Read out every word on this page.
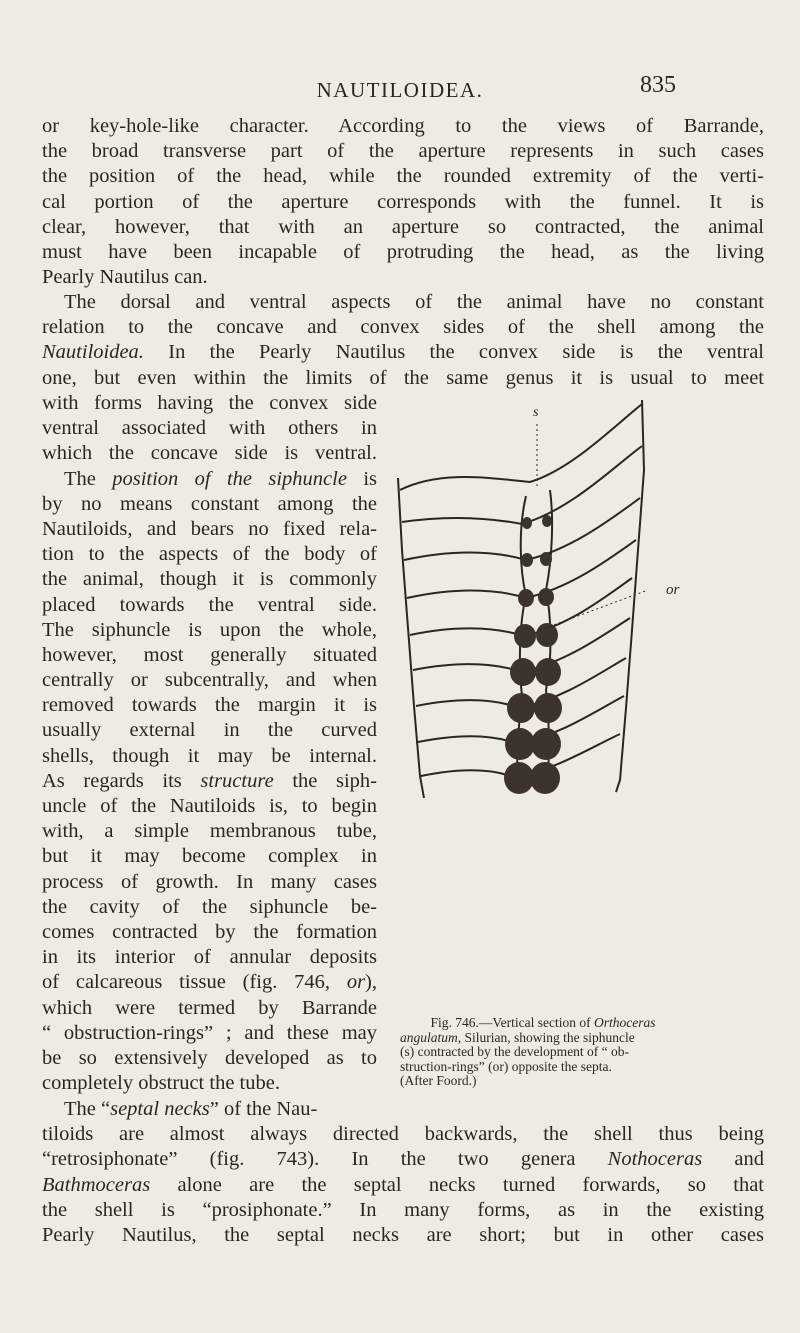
NAUTILOIDEA.	835
or key-hole-like character. According to the views of Barrande,
the broad transverse part of the aperture represents in such cases
the position of the head, while the rounded extremity of the verti-
cal portion of the aperture corresponds with the funnel. It is
clear, however, that with an aperture so contracted, the animal
must have been incapable of protruding the head, as the living
Pearly Nautilus can.
The dorsal and ventral aspects of the animal have no constant
relation to the concave and convex sides of the shell among the
Nautiloidea. In the Pearly Nautilus the convex side is the ventral
one, but even within the limits of the same genus it is usual to meet
with forms having the convex side
ventral associated with others in
which the concave side is ventral.
The position of the siphuncle is
by no means constant among the
Nautiloids, and bears no fixed rela-
tion to the aspects of the body of
the animal, though it is commonly
placed towards the ventral side.
The siphuncle is upon the whole,
however, most generally situated
centrally or subcentrally, and when
removed towards the margin it is
usually external in the curved
shells, though it may be internal.
As regards its structure the siph-
uncle of the Nautiloids is, to begin
with, a simple membranous tube,
but it may become complex in
process of growth. In many cases
the cavity of the siphuncle be-
comes contracted by the formation
in its interior of annular deposits
of calcareous tissue (fig. 746, or),
which were termed by Barrande
“ obstruction-rings” ; and these may
be so extensively developed as to
completely obstruct the tube.
The “septal necks” of the Nau-
tiloids are almost always directed backwards, the shell thus being
“retrosiphonate” (fig. 743). In the two genera Nothoceras and
Bathmoceras alone are the septal necks turned forwards, so that
the shell is “prosiphonate.” In many forms, as in the existing
Pearly Nautilus, the septal necks are short; but in other cases
s
or
Fig. 746.—Vertical section of Orthoceras
angulatum, Silurian, showing the siphuncle
(s) contracted by the development of “ ob-
struction-rings” (or) opposite the septa.
(After Foord.)
